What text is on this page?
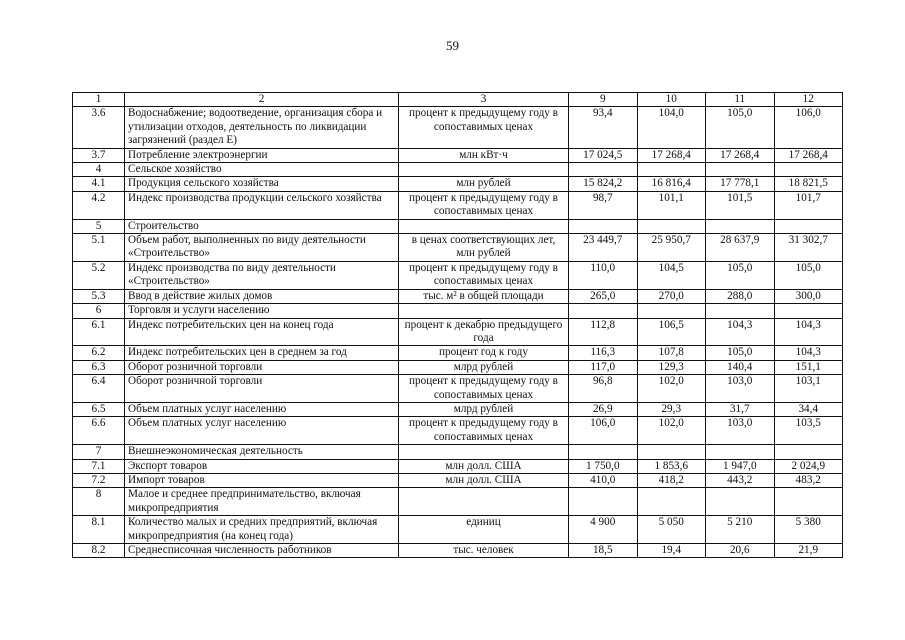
59
1	2	3	9	10	11	12
3.6	Водоснабжение; водоотведение, организация сбора и утилизации отходов, деятельность по ликвидации загрязнений (раздел E)	процент к предыдущему году в сопоставимых ценах	93,4	104,0	105,0	106,0
3.7	Потребление электроэнергии	млн кВт·ч	17 024,5	17 268,4	17 268,4	17 268,4
4	Сельское хозяйство					
4.1	Продукция сельского хозяйства	млн рублей	15 824,2	16 816,4	17 778,1	18 821,5
4.2	Индекс производства продукции сельского хозяйства	процент к предыдущему году в сопоставимых ценах	98,7	101,1	101,5	101,7
5	Строительство					
5.1	Объем работ, выполненных по виду деятельности «Строительство»	в ценах соответствующих лет, млн рублей	23 449,7	25 950,7	28 637,9	31 302,7
5.2	Индекс производства по виду деятельности «Строительство»	процент к предыдущему году в сопоставимых ценах	110,0	104,5	105,0	105,0
5.3	Ввод в действие жилых домов	тыс. м² в общей площади	265,0	270,0	288,0	300,0
6	Торговля и услуги населению					
6.1	Индекс потребительских цен на конец года	процент к декабрю предыдущего года	112,8	106,5	104,3	104,3
6.2	Индекс потребительских цен в среднем за год	процент год к году	116,3	107,8	105,0	104,3
6.3	Оборот розничной торговли	млрд рублей	117,0	129,3	140,4	151,1
6.4	Оборот розничной торговли	процент к предыдущему году в сопоставимых ценах	96,8	102,0	103,0	103,1
6.5	Объем платных услуг населению	млрд рублей	26,9	29,3	31,7	34,4
6.6	Объем платных услуг населению	процент к предыдущему году в сопоставимых ценах	106,0	102,0	103,0	103,5
7	Внешнеэкономическая деятельность					
7.1	Экспорт товаров	млн долл. США	1 750,0	1 853,6	1 947,0	2 024,9
7.2	Импорт товаров	млн долл. США	410,0	418,2	443,2	483,2
8	Малое и среднее предпринимательство, включая микропредприятия					
8.1	Количество малых и средних предприятий, включая микропредприятия (на конец года)	единиц	4 900	5 050	5 210	5 380
8.2	Среднесписочная численность работников	тыс. человек	18,5	19,4	20,6	21,9
